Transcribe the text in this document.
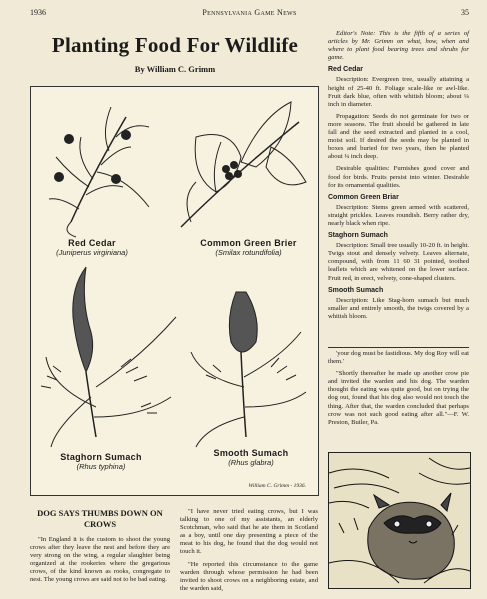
1936	Pennsylvania Game News	35
Planting Food For Wildlife
By William C. Grimm
Red Cedar
(Juniperus virginiana)
Common Green Brier
(Smilax rotundifolia)
Staghorn Sumach
(Rhus typhina)
Smooth Sumach
(Rhus glabra)
William C. Grimm - 1936.

Editor's Note: This is the fifth of a series of articles by Mr. Grimm on what, how, when and where to plant food bearing trees and shrubs for game.

Red Cedar

Description: Evergreen tree, usually attaining a height of 25-40 ft. Foliage scale-like or awl-like. Fruit dark blue, often with whitish bloom; about ¼ inch in diameter.

Propagation: Seeds do not germinate for two or more seasons. The fruit should be gathered in late fall and the seed extracted and planted in a cool, moist soil. If desired the seeds may be planted in boxes and buried for two years, then be planted about ¼ inch deep.

Desirable qualities: Furnishes good cover and food for birds. Fruits persist into winter. Desirable for its ornamental qualities.

Common Green Briar

Description: Stems green armed with scattered, straight prickles. Leaves roundish. Berry rather dry, nearly black when ripe.

Staghorn Sumach

Description: Small tree usually 10-20 ft. in height. Twigs stout and densely velvety. Leaves alternate, compound, with from 11 60 31 pointed, toothed leaflets which are whitened on the lower surface. Fruit red, in erect, velvety, cone-shaped clusters.

Smooth Sumach

Description: Like Stag-horn sumach but much smaller and entirely smooth, the twigs covered by a whitish bloom.

'your dog must be fastidious. My dog Roy will eat them.'

"Shortly thereafter he made up another crow pie and invited the warden and his dog. The warden thought the eating was quite good, but on trying the dog out, found that his dog also would not touch the thing. After that, the warden concluded that perhaps crow was not such good eating after all."—F. W. Preston, Butler, Pa.

DOG SAYS THUMBS DOWN ON CROWS

"In England it is the custom to shoot the young crows after they leave the nest and before they are very strong on the wing, a regular slaughter being organized at the rookeries where the gregarious crows, of the kind known as rooks, congregate to nest. The young crows are said not to be bad eating.

"I have never tried eating crows, but I was talking to one of my assistants, an elderly Scotchman, who said that he ate them in Scotland as a boy, until one day presenting a piece of the meat to his dog, he found that the dog would not touch it.

"He reported this circumstance to the game warden through whose permission he had been invited to shoot crows on a neighboring estate, and the warden said,
